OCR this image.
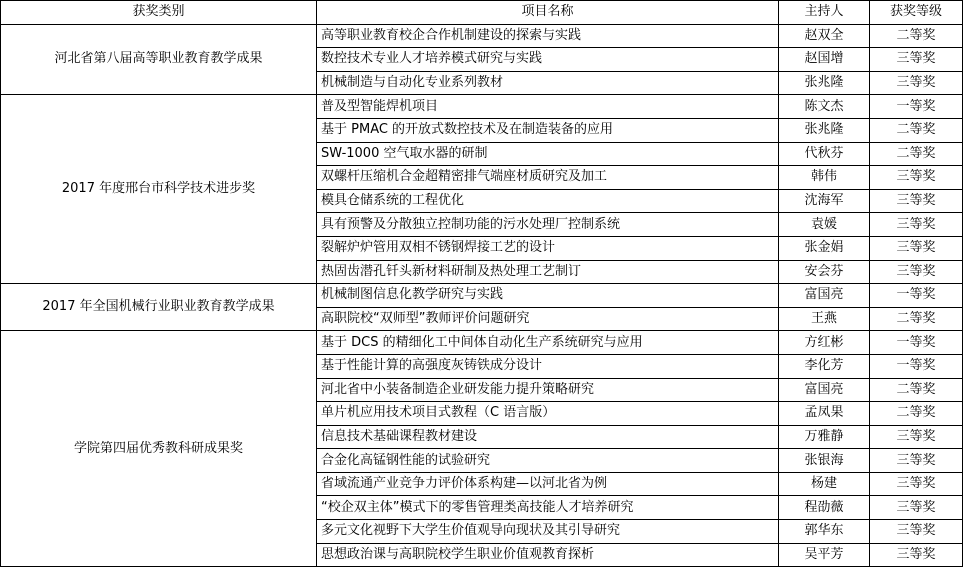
获奖类别	项目名称	主持人	获奖等级
河北省第八届高等职业教育教学成果	高等职业教育校企合作机制建设的探索与实践	赵双全	二等奖
	数控技术专业人才培养模式研究与实践	赵国增	三等奖
	机械制造与自动化专业系列教材	张兆隆	三等奖
2017 年度邢台市科学技术进步奖	普及型智能焊机项目	陈文杰	一等奖
	基于 PMAC 的开放式数控技术及在制造装备的应用	张兆隆	二等奖
	SW-1000 空气取水器的研制	代秋芬	二等奖
	双螺杆压缩机合金超精密排气端座材质研究及加工	韩伟	三等奖
	模具仓储系统的工程优化	沈海军	三等奖
	具有预警及分散独立控制功能的污水处理厂控制系统	袁媛	三等奖
	裂解炉炉管用双相不锈钢焊接工艺的设计	张金娟	三等奖
	热固齿潜孔钎头新材料研制及热处理工艺制订	安会芬	三等奖
2017 年全国机械行业职业教育教学成果	机械制图信息化教学研究与实践	富国亮	一等奖
	高职院校“双师型”教师评价问题研究	王燕	二等奖
学院第四届优秀教科研成果奖	基于 DCS 的精细化工中间体自动化生产系统研究与应用	方红彬	一等奖
	基于性能计算的高强度灰铸铁成分设计	李化芳	一等奖
	河北省中小装备制造企业研发能力提升策略研究	富国亮	二等奖
	单片机应用技术项目式教程（C 语言版）	孟凤果	二等奖
	信息技术基础课程教材建设	万雅静	三等奖
	合金化高锰钢性能的试验研究	张银海	三等奖
	省域流通产业竞争力评价体系构建—以河北省为例	杨建	三等奖
	“校企双主体”模式下的零售管理类高技能人才培养研究	程劭薇	三等奖
	多元文化视野下大学生价值观导向现状及其引导研究	郭华东	三等奖
	思想政治课与高职院校学生职业价值观教育探析	吴平芳	三等奖
